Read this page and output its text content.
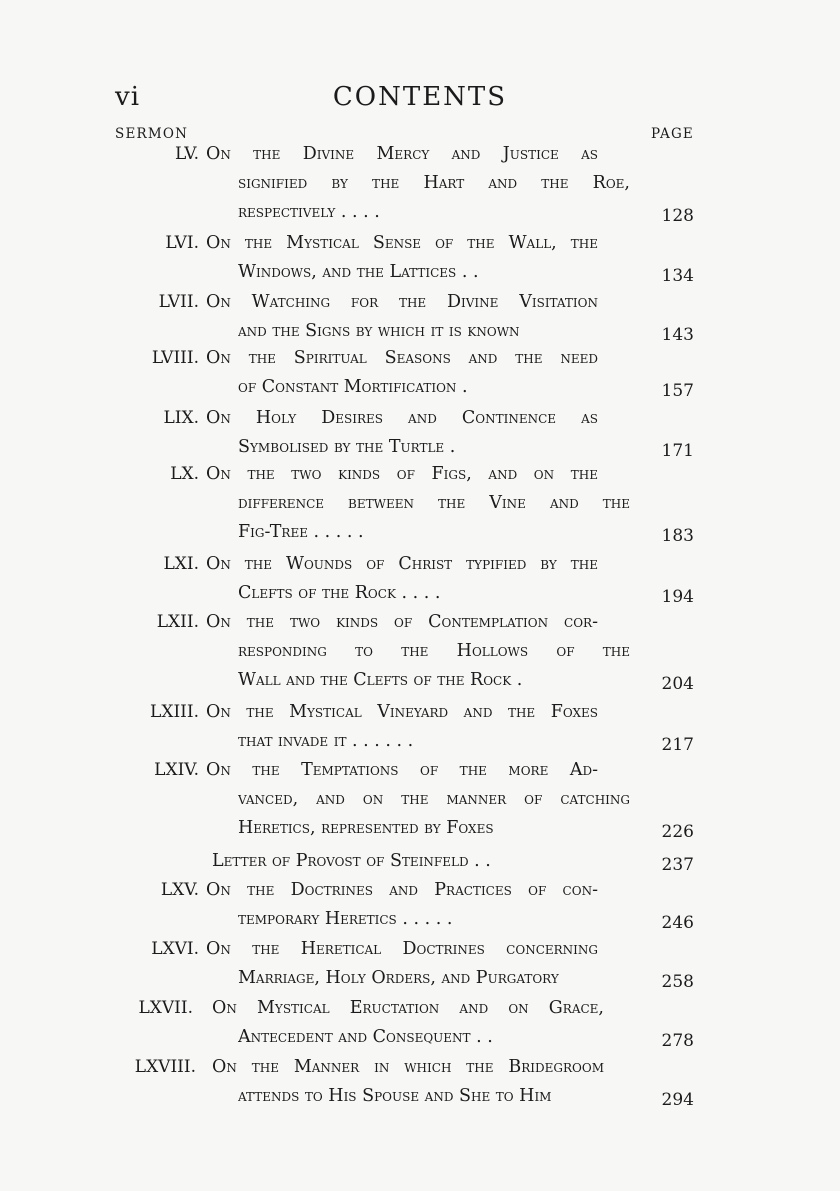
vi	CONTENTS
SERMON	PAGE
LV. On the Divine Mercy and Justice as
signified by the Hart and the Roe,
respectively . . . .	128
LVI. On the Mystical Sense of the Wall, the
Windows, and the Lattices . .	134
LVII. On Watching for the Divine Visitation
and the Signs by which it is known	143
LVIII. On the Spiritual Seasons and the need
of Constant Mortification .	157
LIX. On Holy Desires and Continence as
Symbolised by the Turtle .	171
LX. On the two kinds of Figs, and on the
difference between the Vine and the
Fig-Tree . . . . .	183
LXI. On the Wounds of Christ typified by the
Clefts of the Rock . . . .	194
LXII. On the two kinds of Contemplation cor-
responding to the Hollows of the
Wall and the Clefts of the Rock .	204
LXIII. On the Mystical Vineyard and the Foxes
that invade it . . . . . .	217
LXIV. On the Temptations of the more Ad-
vanced, and on the manner of catching
Heretics, represented by Foxes	226
Letter of Provost of Steinfeld . .	237
LXV. On the Doctrines and Practices of con-
temporary Heretics . . . . .	246
LXVI. On the Heretical Doctrines concerning
Marriage, Holy Orders, and Purgatory	258
LXVII. On Mystical Eructation and on Grace,
Antecedent and Consequent . .	278
LXVIII. On the Manner in which the Bridegroom
attends to His Spouse and She to Him	294
